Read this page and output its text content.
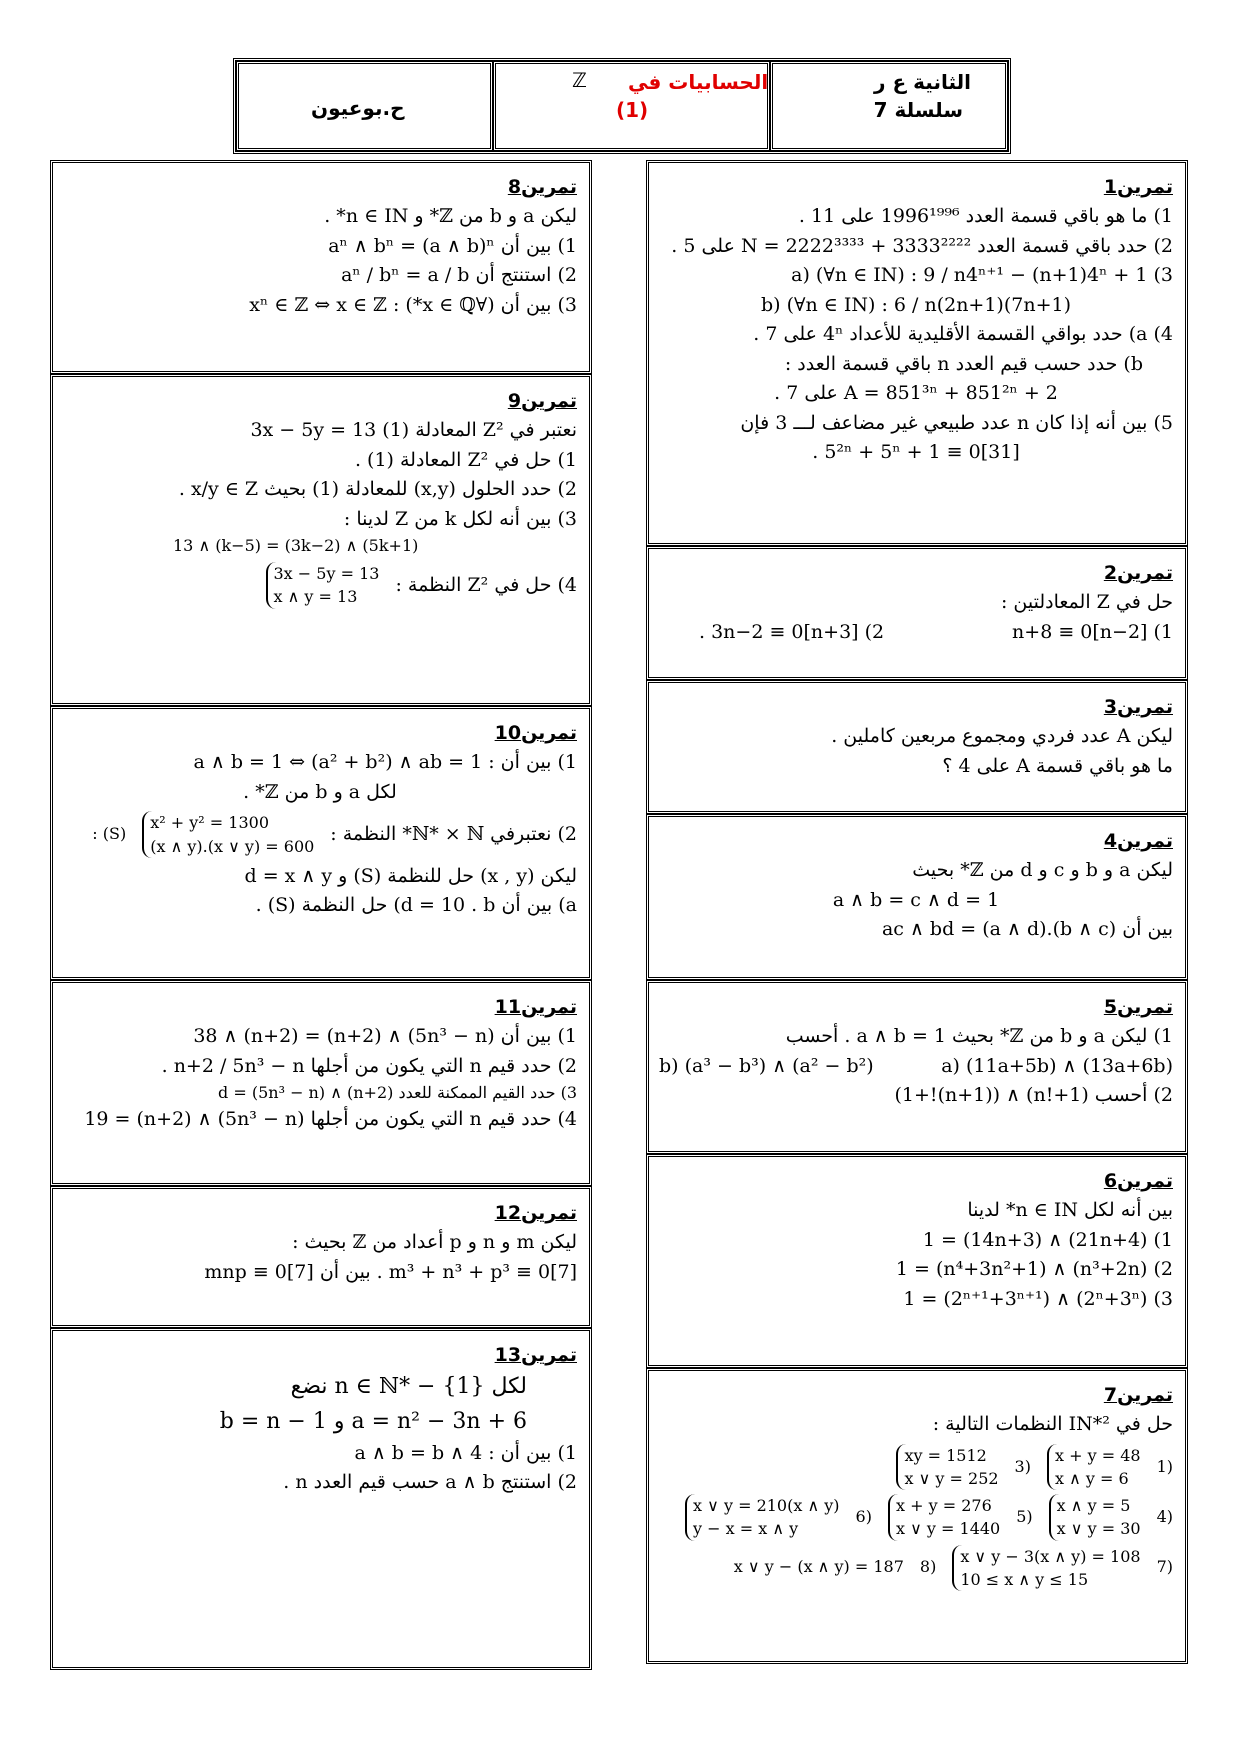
ح.بوعيون
الحسابيات في
ℤ
(1)
الثانية ع ر
سلسلة 7
تمرين1
1) ما هو باقي قسمة العدد 1996¹⁹⁹⁶ على 11 .
2) حدد باقي قسمة العدد N = 2222³³³³ + 3333²²²² على 5 .
3) a) (∀n ∈ IN) : 9 / n4ⁿ⁺¹ − (n+1)4ⁿ + 1
b) (∀n ∈ IN) : 6 / n(2n+1)(7n+1)
4) a) حدد بواقي القسمة الأقليدية للأعداد 4ⁿ على 7 .
b) حدد حسب قيم العدد n باقي قسمة العدد :
A = 851³ⁿ + 851²ⁿ + 2 على 7 .
5) بين أنه إذا كان n عدد طبيعي غير مضاعف لـــ 3 فإن
5²ⁿ + 5ⁿ + 1 ≡ 0[31] .
تمرين2
حل في Z المعادلتين :
1) n+8 ≡ 0[n−2]
2) 3n−2 ≡ 0[n+3] .
تمرين3
ليكن A عدد فردي ومجموع مربعين كاملين .
ما هو باقي قسمة A على 4 ؟
تمرين4
ليكن a و b و c و d من ℤ* بحيث
a ∧ b = c ∧ d = 1
بين أن ac ∧ bd = (a ∧ d).(b ∧ c)
تمرين5
1) ليكن a و b من ℤ* بحيث a ∧ b = 1 . أحسب
a) (11a+5b) ∧ (13a+6b)
b) (a³ − b³) ∧ (a² − b²)
2) أحسب (n!+1) ∧ ((n+1)!+1)
تمرين6
بين أنه لكل n ∈ IN* لدينا
1) (21n+4) ∧ (14n+3) = 1
2) (n³+2n) ∧ (n⁴+3n²+1) = 1
3) (2ⁿ+3ⁿ) ∧ (2ⁿ⁺¹+3ⁿ⁺¹) = 1
تمرين7
حل في IN*² النظمات التالية :
(1
x + y = 48
x ∧ y = 6
(3
xy = 1512
x ∨ y = 252
(4
x ∧ y = 5
x ∨ y = 30
(5
x + y = 276
x ∨ y = 1440
(6
x ∨ y = 210(x ∧ y)
y − x = x ∧ y
(7
x ∨ y − 3(x ∧ y) = 108
10 ≤ x ∧ y ≤ 15
(8
x ∨ y − (x ∧ y) = 187
تمرين8
ليكن a و b من ℤ* و n ∈ IN* .
1) بين أن aⁿ ∧ bⁿ = (a ∧ b)ⁿ
2) استنتج أن aⁿ / bⁿ = a / b
3) بين أن (∀x ∈ ℚ*) : xⁿ ∈ ℤ ⇔ x ∈ ℤ
تمرين9
نعتبر في Z² المعادلة 3x − 5y = 13 (1)
1) حل في Z² المعادلة (1) .
2) حدد الحلول (x,y) للمعادلة (1) بحيث x/y ∈ Z .
3) بين أنه لكل k من Z لدينا :
(5k+1) ∧ (3k−2) = (k−5) ∧ 13
4) حل في Z² النظمة :
3x − 5y = 13
x ∧ y = 13
تمرين10
1) بين أن : a ∧ b = 1 ⇔ (a² + b²) ∧ ab = 1
لكل a و b من ℤ* .
2) نعتبرفي ℕ* × ℕ* النظمة :
x² + y² = 1300
(x ∧ y).(x ∨ y) = 600
(S) :
ليكن (x , y) حل للنظمة (S) و d = x ∧ y
a) بين أن d = 10 . b) حل النظمة (S) .
تمرين11
1) بين أن (5n³ − n) ∧ (n+2) = (n+2) ∧ 38
2) حدد قيم n التي يكون من أجلها n+2 / 5n³ − n .
3) حدد القيم الممكنة للعدد d = (5n³ − n) ∧ (n+2)
4) حدد قيم n التي يكون من أجلها (5n³ − n) ∧ (n+2) = 19
تمرين12
ليكن m و n و p أعداد من ℤ بحيث :
m³ + n³ + p³ ≡ 0[7] . بين أن mnp ≡ 0[7]
تمرين13
لكل n ∈ ℕ* − {1} نضع
a = n² − 3n + 6 و b = n − 1
1) بين أن : a ∧ b = b ∧ 4
2) استنتج a ∧ b حسب قيم العدد n .
